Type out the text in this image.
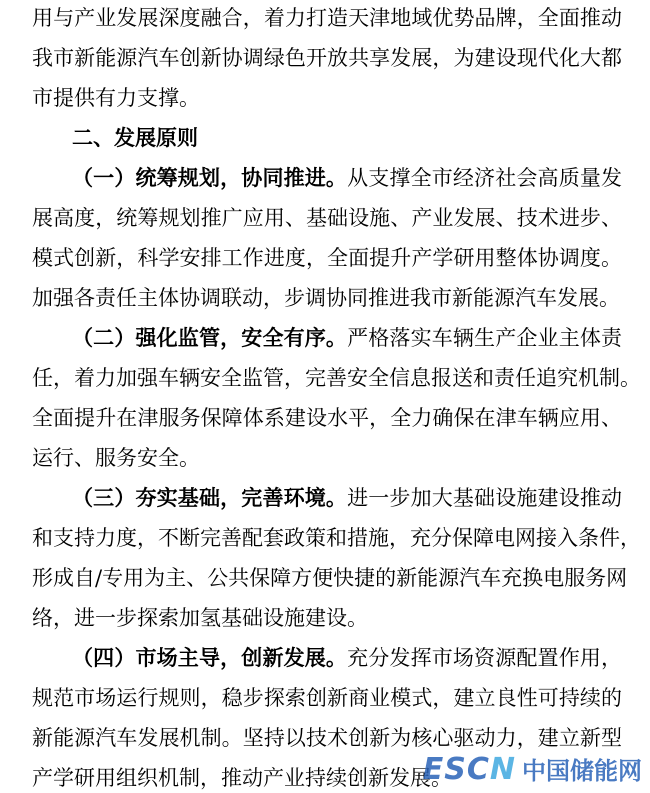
用与产业发展深度融合，着力打造天津地域优势品牌，全面推动
我市新能源汽车创新协调绿色开放共享发展，为建设现代化大都
市提供有力支撑。
二、发展原则
（一）统筹规划，协同推进。从支撑全市经济社会高质量发
展高度，统筹规划推广应用、基础设施、产业发展、技术进步、
模式创新，科学安排工作进度，全面提升产学研用整体协调度。
加强各责任主体协调联动，步调协同推进我市新能源汽车发展。
（二）强化监管，安全有序。严格落实车辆生产企业主体责
任，着力加强车辆安全监管，完善安全信息报送和责任追究机制。
全面提升在津服务保障体系建设水平，全力确保在津车辆应用、
运行、服务安全。
（三）夯实基础，完善环境。进一步加大基础设施建设推动
和支持力度，不断完善配套政策和措施，充分保障电网接入条件，
形成自/专用为主、公共保障方便快捷的新能源汽车充换电服务网
络，进一步探索加氢基础设施建设。
（四）市场主导，创新发展。充分发挥市场资源配置作用，
规范市场运行规则，稳步探索创新商业模式，建立良性可持续的
新能源汽车发展机制。坚持以技术创新为核心驱动力，建立新型
产学研用组织机制，推动产业持续创新发展。
ESCN 中国储能网
